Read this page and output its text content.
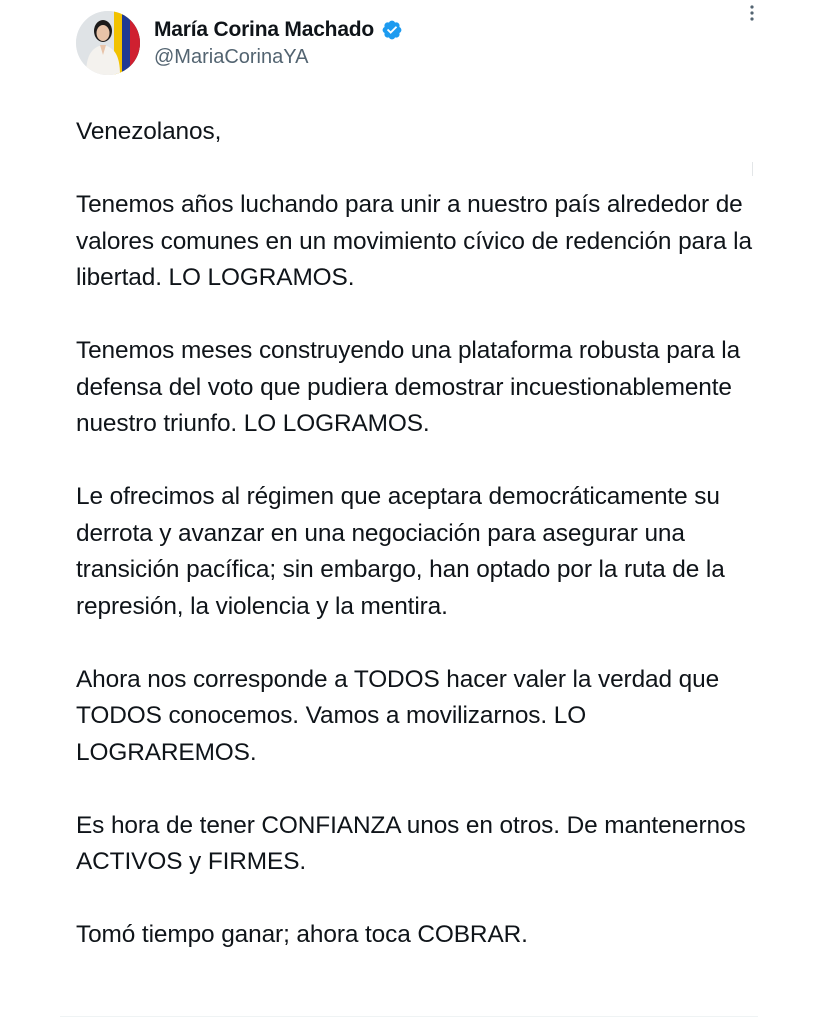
María Corina Machado
@MariaCorinaYA

Venezolanos,

Tenemos años luchando para unir a nuestro país alrededor de valores comunes en un movimiento cívico de redención para la libertad. LO LOGRAMOS.

Tenemos meses construyendo una plataforma robusta para la defensa del voto que pudiera demostrar incuestionablemente nuestro triunfo. LO LOGRAMOS.

Le ofrecimos al régimen que aceptara democráticamente su derrota y avanzar en una negociación para asegurar una transición pacífica; sin embargo, han optado por la ruta de la represión, la violencia y la mentira.

Ahora nos corresponde a TODOS hacer valer la verdad que TODOS conocemos. Vamos a movilizarnos. LO LOGRAREMOS.

Es hora de tener CONFIANZA unos en otros. De mantenernos ACTIVOS y FIRMES.

Tomó tiempo ganar; ahora toca COBRAR.
